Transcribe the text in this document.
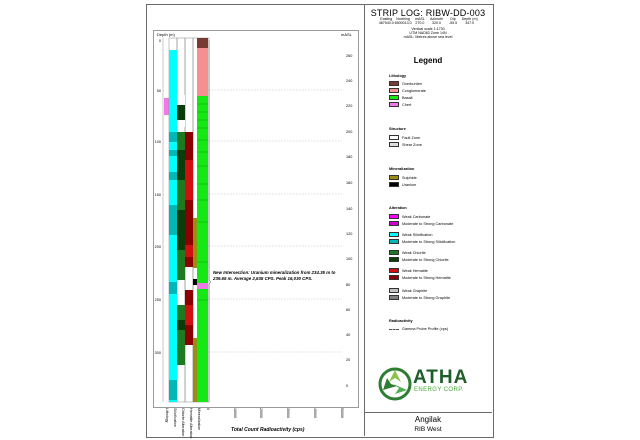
Depth (m)	mASL
0
50
100
150
200
250
300
260
240
220
200
180
160
140
120
100
80
60
40
20
0
New Intersection: Uranium mineralization from 234.35 m to
239.65 m. Average 2,635 CPS. Peak 16,030 CPS.
Lithology Silicification Chlorite Alteration Hematite Alteration Mineralization 0	10000	20000	30000	40000	50000
Total Count Radioactivity (cps)
STRIP LOG: RIBW-DD-003
Easting	Northing	mASL	Azimuth	Dip	Depth (m)
487540.0 6500013.0	270.0	320.0	-55.5	347.0
Vertical scale 1:1730
UTM NAD83 Zone 14N
mASL: Metres above sea level
Legend
Lithology
Overburden
Conglomerate
Basalt
Chert
Structure
Fault Zone
Shear Zone
Mineralization
Sulphide
Uranium
Alteration
Weak Carbonate
Moderate to Strong Carbonate
Weak Silicification
Moderate to Strong Silicification
Weak Chlorite
Moderate to Strong Chlorite
Weak Hematite
Moderate to Strong Hematite
Weak Graphite
Moderate to Strong Graphite
Radioactivity
Gamma Probe Profile (cps)
ATHA
ENERGY CORP.
Angilak
RIB West
